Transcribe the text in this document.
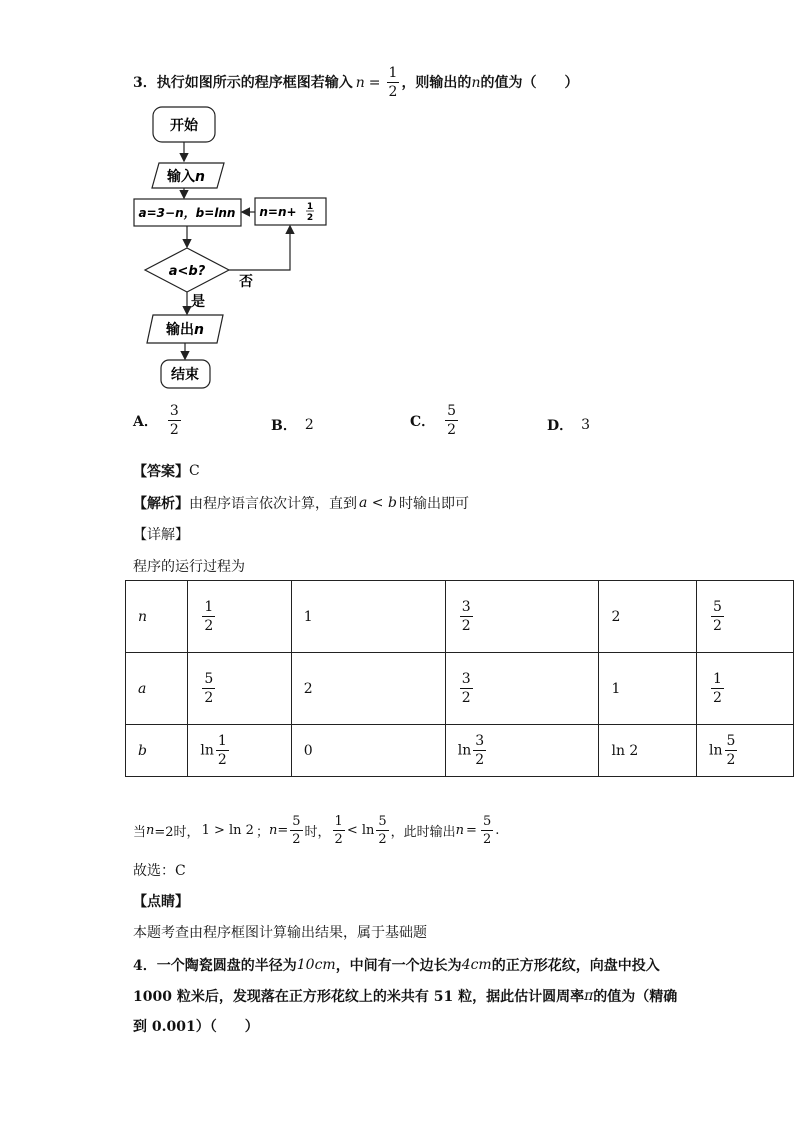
3． 执行如图所示的程序框图若输入 $n = \frac{1}{2}$ ，则输出的 n 的值为（　　）
开始
输入n
a=3−n，b=lnn n=n+ 1
2
a<b?
否
是
输出n
结束
A． $\frac{3}{2}$	B． 2	C． $\frac{5}{2}$	D． 3
【答案】 C
【解析】 由程序语言依次计算，直到 a < b 时输出即可
【详解】
程序的运行过程为
n	$\frac{1}{2}$	1	$\frac{3}{2}$	2	$\frac{5}{2}$

a	$\frac{5}{2}$	2	$\frac{3}{2}$	1	$\frac{1}{2}$

b	$\ln \frac{1}{2}$	0	$\ln \frac{3}{2}$	ln 2	$\ln \frac{5}{2}$
当 n =2时， 1 > ln 2 ； $n = \frac{5}{2}$ 时， $\frac{1}{2} < \ln \frac{5}{2}$ ，此时输出 $n = \frac{5}{2}$ .
故选：C
【点睛】
本题考查由程序框图计算输出结果，属于基础题
4．一个陶瓷圆盘的半径为 10cm ，中间有一个边长为 4cm 的正方形花纹，向盘中投入
1000 粒米后，发现落在正方形花纹上的米共有 51 粒，据此估计圆周率 π 的值为（精确
到 0.001）（　　）
